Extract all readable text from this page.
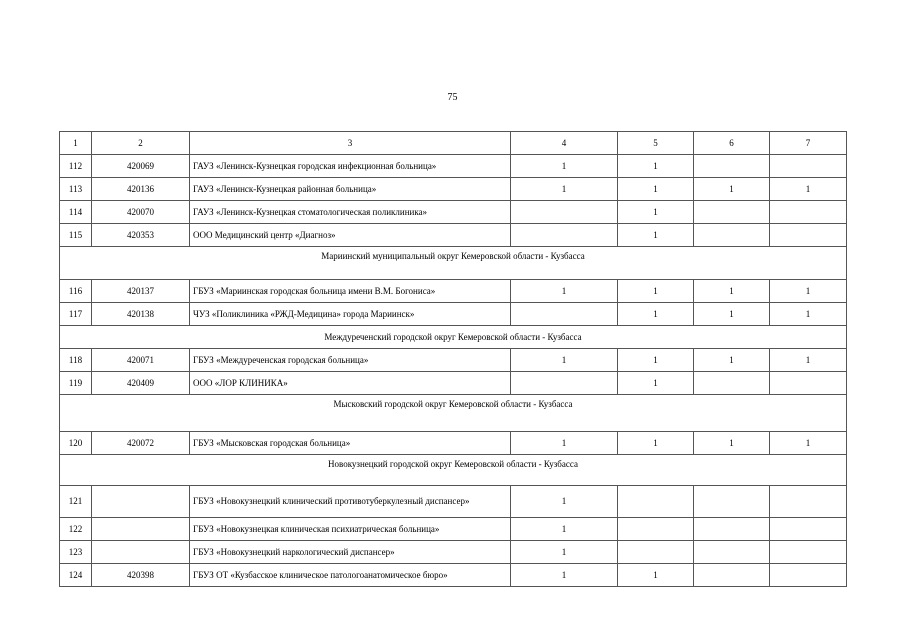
75
1	2	3	4	5	6	7
112	420069	ГАУЗ «Ленинск-Кузнецкая городская инфекционная больница»	1	1		
113	420136	ГАУЗ «Ленинск-Кузнецкая районная больница»	1	1	1	1
114	420070	ГАУЗ «Ленинск-Кузнецкая стоматологическая поликлиника»		1		
115	420353	ООО Медицинский центр «Диагноз»		1		
Мариинский муниципальный округ Кемеровской области - Кузбасса						
116	420137	ГБУЗ «Мариинская городская больница имени В.М. Богониса»	1	1	1	1
117	420138	ЧУЗ «Поликлиника «РЖД-Медицина» города Мариинск»		1	1	1
Междуреченский городской округ Кемеровской области - Кузбасса						
118	420071	ГБУЗ «Междуреченская городская больница»	1	1	1	1
119	420409	ООО «ЛОР КЛИНИКА»		1		
Мысковский городской округ Кемеровской области - Кузбасса						
120	420072	ГБУЗ «Мысковская городская больница»	1	1	1	1
Новокузнецкий городской округ Кемеровской области - Кузбасса						
121		ГБУЗ «Новокузнецкий клинический противотуберкулезный диспансер»	1			
122		ГБУЗ «Новокузнецкая клиническая психиатрическая больница»	1			
123		ГБУЗ «Новокузнецкий наркологический диспансер»	1			
124	420398	ГБУЗ ОТ «Кузбасское клиническое патологоанатомическое бюро»	1	1		
